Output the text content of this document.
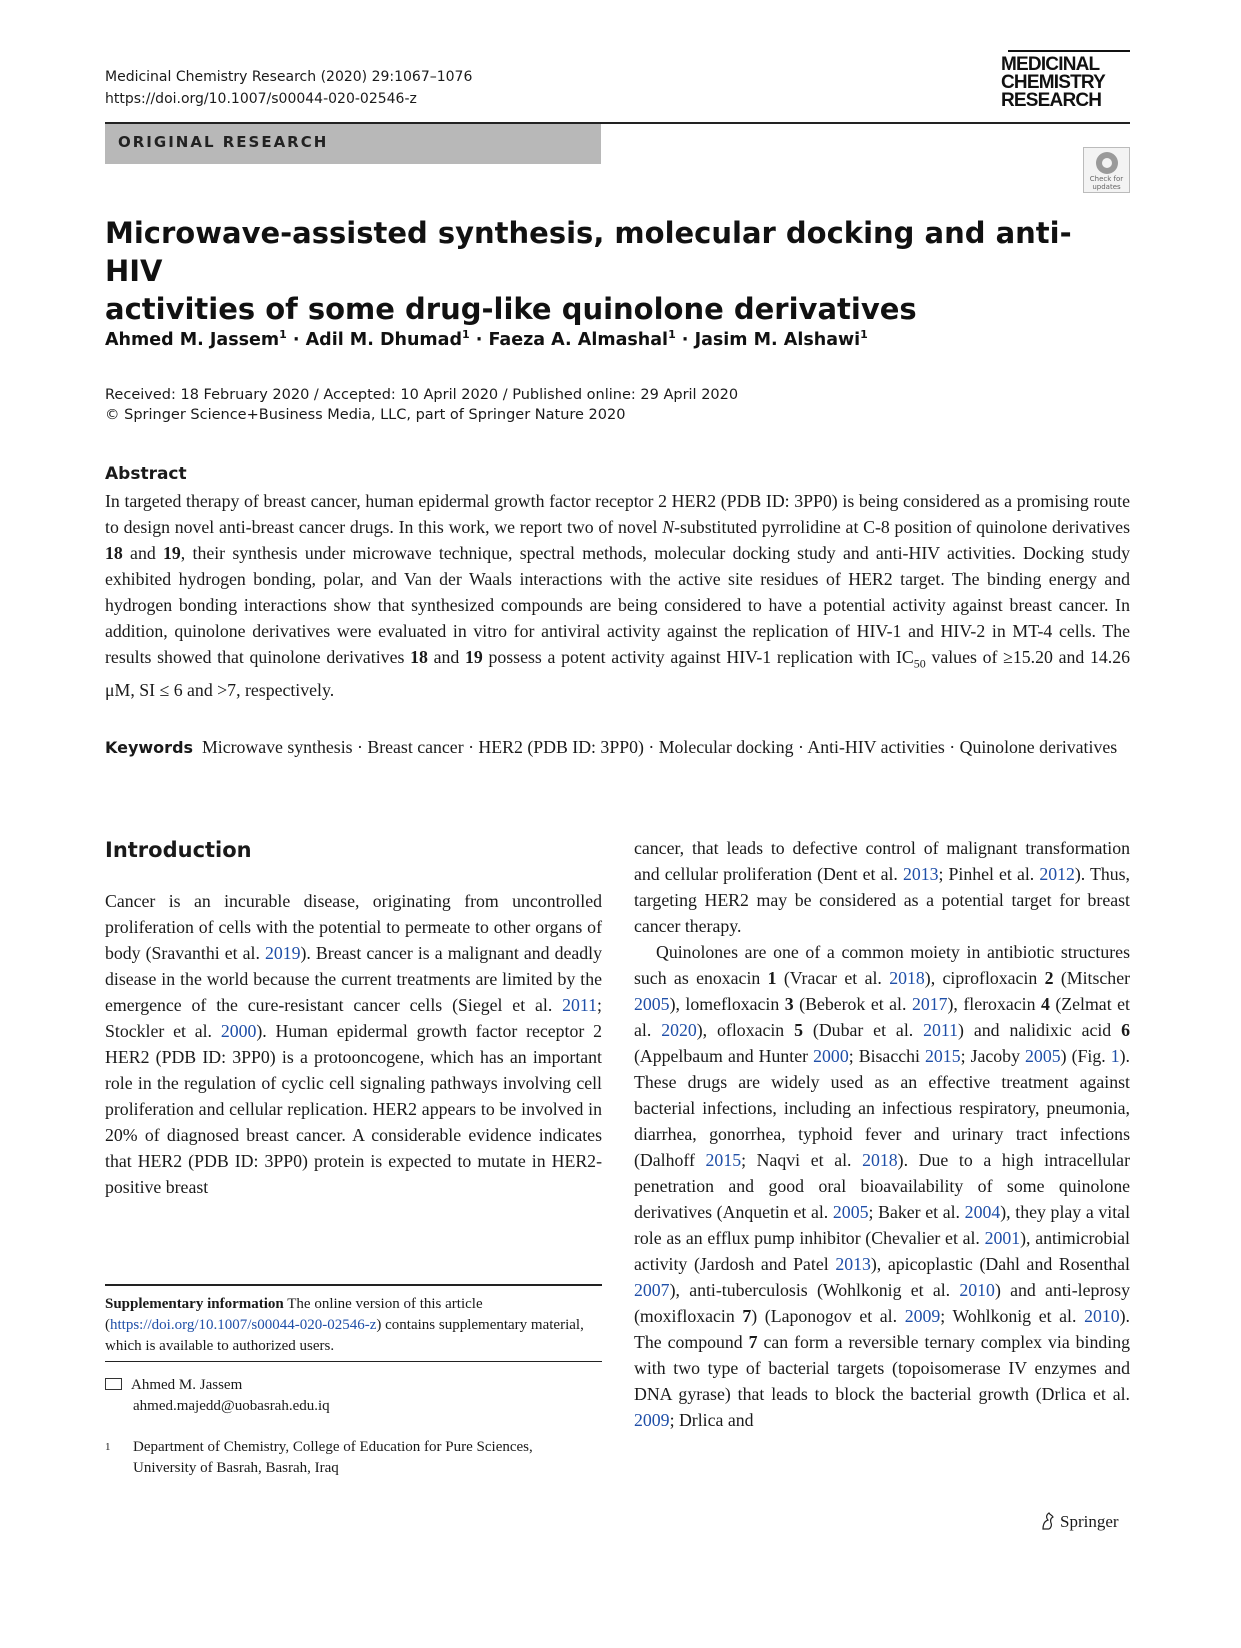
Medicinal Chemistry Research (2020) 29:1067–1076
https://doi.org/10.1007/s00044-020-02546-z
MEDICINAL
CHEMISTRY
RESEARCH
ORIGINAL RESEARCH
Check for
updates
Microwave-assisted synthesis, molecular docking and anti-HIV
activities of some drug-like quinolone derivatives
Ahmed M. Jassem$^1$ · Adil M. Dhumad$^1$ · Faeza A. Almashal$^1$ · Jasim M. Alshawi$^1$
Received: 18 February 2020 / Accepted: 10 April 2020 / Published online: 29 April 2020
© Springer Science+Business Media, LLC, part of Springer Nature 2020
Abstract
In targeted therapy of breast cancer, human epidermal growth factor receptor 2 HER2 (PDB ID: 3PP0) is being considered as a promising route to design novel anti-breast cancer drugs. In this work, we report two of novel N-substituted pyrrolidine at C-8 position of quinolone derivatives 18 and 19, their synthesis under microwave technique, spectral methods, molecular docking study and anti-HIV activities. Docking study exhibited hydrogen bonding, polar, and Van der Waals interactions with the active site residues of HER2 target. The binding energy and hydrogen bonding interactions show that synthesized compounds are being considered to have a potential activity against breast cancer. In addition, quinolone derivatives were evaluated in vitro for antiviral activity against the replication of HIV-1 and HIV-2 in MT-4 cells. The results showed that quinolone derivatives 18 and 19 possess a potent activity against HIV-1 replication with $IC_{50}$ values of ≥15.20 and 14.26 μM, SI ≤ 6 and >7, respectively.
Keywords Microwave synthesis · Breast cancer · HER2 (PDB ID: 3PP0) · Molecular docking · Anti-HIV activities · Quinolone derivatives
Introduction
Cancer is an incurable disease, originating from uncontrolled proliferation of cells with the potential to permeate to other organs of body (Sravanthi et al. 2019). Breast cancer is a malignant and deadly disease in the world because the current treatments are limited by the emergence of the cure-resistant cancer cells (Siegel et al. 2011; Stockler et al. 2000). Human epidermal growth factor receptor 2 HER2 (PDB ID: 3PP0) is a protooncogene, which has an important role in the regulation of cyclic cell signaling pathways involving cell proliferation and cellular replication. HER2 appears to be involved in 20% of diagnosed breast cancer. A considerable evidence indicates that HER2 (PDB ID: 3PP0) protein is expected to mutate in HER2-positive breast

cancer, that leads to defective control of malignant transformation and cellular proliferation (Dent et al. 2013; Pinhel et al. 2012). Thus, targeting HER2 may be considered as a potential target for breast cancer therapy.

Quinolones are one of a common moiety in antibiotic structures such as enoxacin 1 (Vracar et al. 2018), ciprofloxacin 2 (Mitscher 2005), lomefloxacin 3 (Beberok et al. 2017), fleroxacin 4 (Zelmat et al. 2020), ofloxacin 5 (Dubar et al. 2011) and nalidixic acid 6 (Appelbaum and Hunter 2000; Bisacchi 2015; Jacoby 2005) (Fig. 1). These drugs are widely used as an effective treatment against bacterial infections, including an infectious respiratory, pneumonia, diarrhea, gonorrhea, typhoid fever and urinary tract infections (Dalhoff 2015; Naqvi et al. 2018). Due to a high intracellular penetration and good oral bioavailability of some quinolone derivatives (Anquetin et al. 2005; Baker et al. 2004), they play a vital role as an efflux pump inhibitor (Chevalier et al. 2001), antimicrobial activity (Jardosh and Patel 2013), apicoplastic (Dahl and Rosenthal 2007), anti-tuberculosis (Wohlkonig et al. 2010) and anti-leprosy (moxifloxacin 7) (Laponogov et al. 2009; Wohlkonig et al. 2010). The compound 7 can form a reversible ternary complex via binding with two type of bacterial targets (topoisomerase IV enzymes and DNA gyrase) that leads to block the bacterial growth (Drlica et al. 2009; Drlica and

Supplementary information The online version of this article (https://doi.org/10.1007/s00044-020-02546-z) contains supplementary material, which is available to authorized users.
Ahmed M. Jassem
ahmed.majedd@uobasrah.edu.iq
1 Department of Chemistry, College of Education for Pure Sciences, University of Basrah, Basrah, Iraq
Springer
